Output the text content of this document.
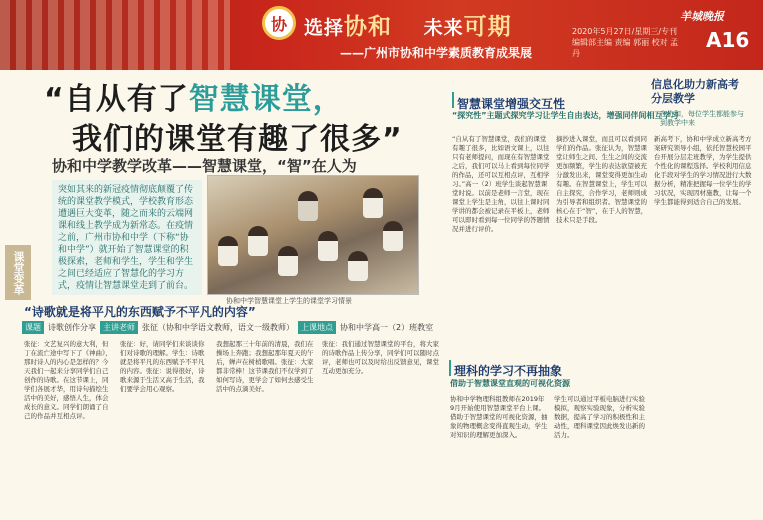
协 选择协和 未来可期
——广州市协和中学素质教育成果展
2020年5月27日/星期三/专刊编辑部主编 责编 郭丽 校对 孟丹
羊城晚报
A16
“自从有了智慧课堂，
我们的课堂有趣了很多”
协和中学教学改革——智慧课堂，“智”在人为
突如其来的新冠疫情彻底颠覆了传统的课堂教学模式，学校教育形态遭遇巨大变革，随之而来的云端网课和线上教学成为新常态。在疫情之前，广州市协和中学（下称“协和中学”）就开始了智慧课堂的积极探索，老师和学生，学生和学生之间已经适应了智慧化的学习方式，疫情让智慧课堂走到了前台。
课堂变革
协和中学智慧课堂上学生的课堂学习情景
“诗歌就是将平凡的东西赋予不平凡的内容”
课题 诗歌创作分享 主讲老师 张征（协和中学语文教师，语文一级教师） 上课地点 协和中学高一（2）班教室
张征：文艺复兴的意大利，但丁在流亡途中写下了《神曲》，那时诗人的内心是怎样的？今天我们一起来分享同学们自己创作的诗歌。在这节课上，同学们各展才华，用诗句描绘生活中的美好，感悟人生，体会成长的意义。同学们朗诵了自己的作品并互相点评。
张征：好，请同学们来谈谈你们对诗歌的理解。学生：诗歌就是将平凡的东西赋予不平凡的内容。张征：说得很好，诗歌来源于生活又高于生活，我们要学会用心观察。
我想起那三十年前的清晨，我们在操场上奔跑；我想起那年夏天的午后，蝉声在树梢歌唱。张征：大家都非常棒！这节课我们不仅学到了如何写诗，更学会了如何去感受生活中的点滴美好。
张征：我们通过智慧课堂的平台，将大家的诗歌作品上传分享，同学们可以随时点评，老师也可以及时给出反馈意见，课堂互动更加充分。
智慧课堂增强交互性
“探究性”主题式探究学习让学生自由表达，增强同伴间相互学习
“自从有了智慧课堂，我们的课堂有趣了很多，比如语文课上，以往只有老师提问，而现在有智慧课堂之后，我们可以马上看到每位同学的作品，还可以互相点评，互相学习。”高一（2）班学生谈起智慧课堂时说。以前是老师一言堂，现在课堂上学生是主角，以往上课时同学讲的都会被记录在平板上，老师可以即时看到每一位同学的答题情况并进行评价。
摘抄进入课堂，而且可以看到同学们的作品。张征认为，智慧课堂让师生之间、生生之间的交流更加频繁，学生的表达欲望被充分激发出来，课堂变得更加生动有趣。在智慧课堂上，学生可以自主探究，合作学习，老师则成为引导者和组织者。智慧课堂的核心在于“智”，在于人的智慧，技术只是手段。
信息化助力新高考分层教学
在协和，每位学生都能参与到教学中来
新高考下，协和中学成立新高考方案研究领导小组，依托智慧校园平台开展分层走班教学，为学生提供个性化的课程选择。学校利用信息化手段对学生的学习情况进行大数据分析，精准把握每一位学生的学习状况，实现因材施教，让每一个学生都能得到适合自己的发展。
理科的学习不再抽象
借助于智慧课堂直观的可视化资源
协和中学物理科组教师在2019年9月开始使用智慧课堂平台上课。借助于智慧课堂的可视化资源，抽象的物理概念变得直观生动，学生对知识的理解更加深入。
学生可以通过平板电脑进行实验模拟，观察实验现象，分析实验数据，提高了学习的积极性和主动性，理科课堂因此焕发出新的活力。
